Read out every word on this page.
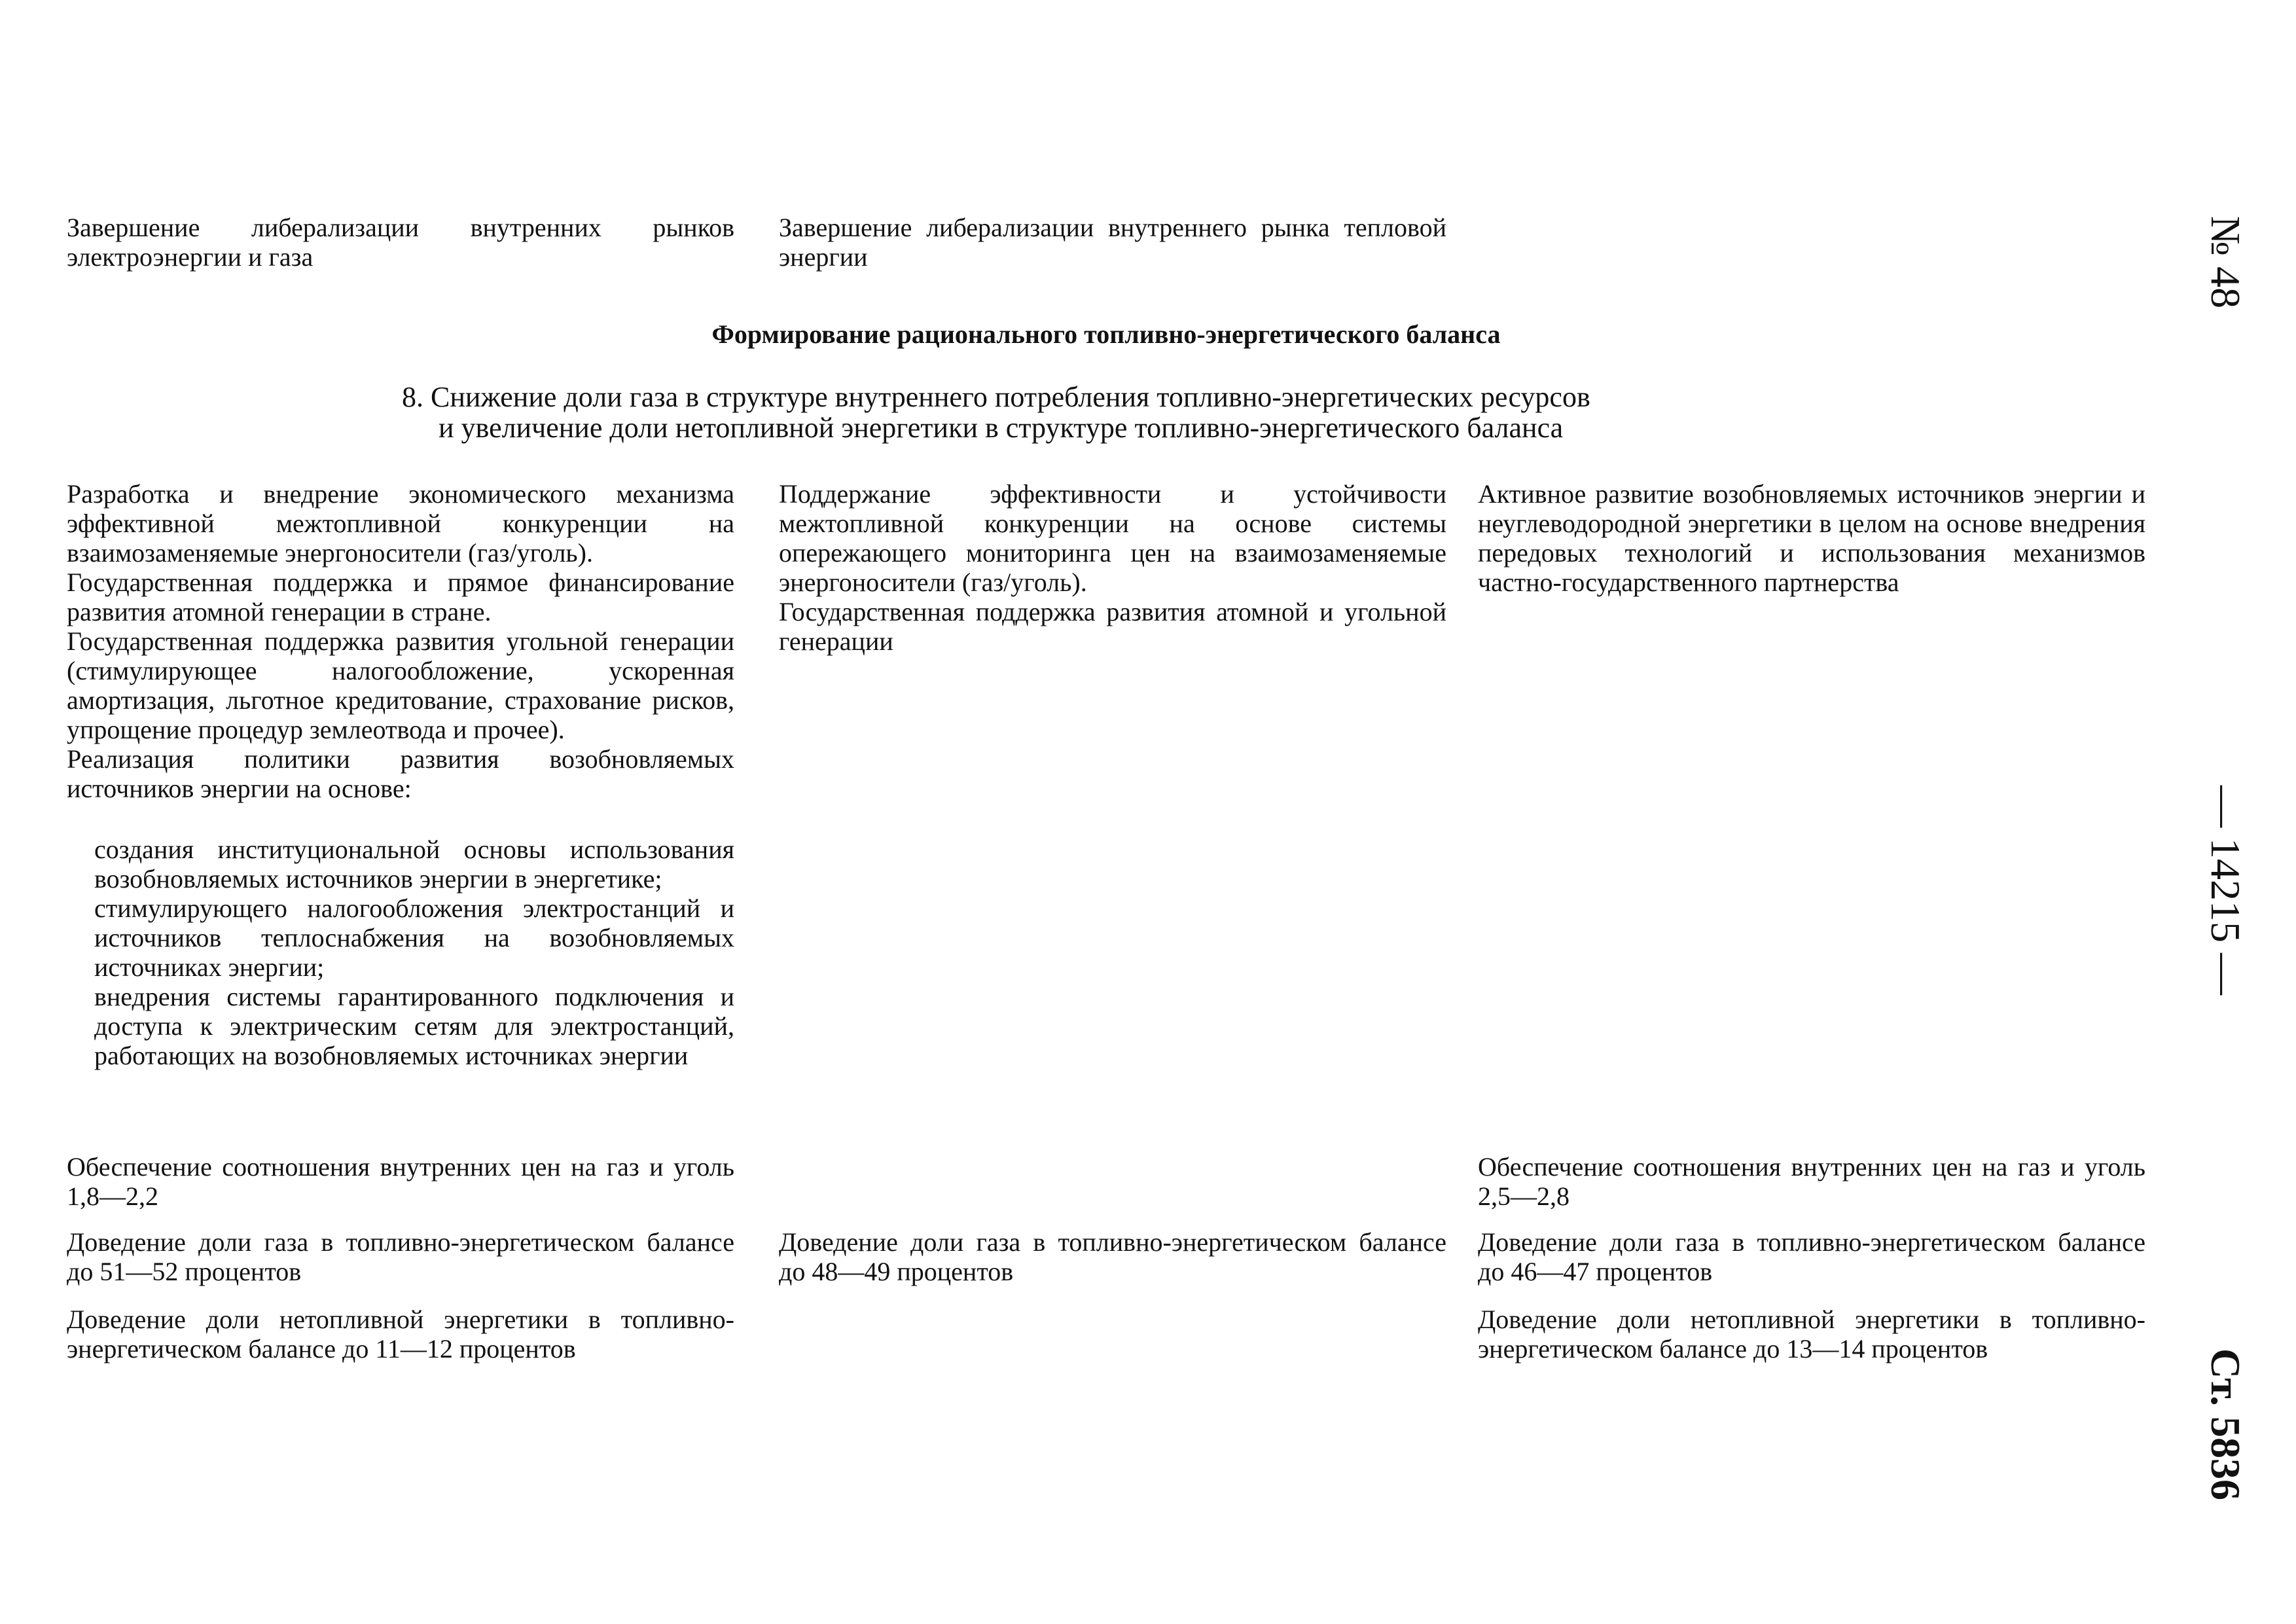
Завершение либерализации внутренних рынков электроэнергии и газа
Завершение либерализации внутреннего рынка тепловой энергии
Формирование рационального топливно-энергетического баланса
8. Снижение доли газа в структуре внутреннего потребления топливно-энергетических ресурсов
и увеличение доли нетопливной энергетики в структуре топливно-энергетического баланса
Разработка и внедрение экономического механизма эффективной межтопливной конкуренции на взаимозаменяемые энергоносители (газ/уголь).
Государственная поддержка и прямое финансирование развития атомной генерации в стране.
Государственная поддержка развития угольной генерации (стимулирующее налогообложение, ускоренная амортизация, льготное кредитование, страхование рисков, упрощение процедур землеотвода и прочее).
Реализация политики развития возобновляемых источников энергии на основе:
создания институциональной основы использования возобновляемых источников энергии в энергетике;
стимулирующего налогообложения электростанций и источников теплоснабжения на возобновляемых источниках энергии;
внедрения системы гарантированного подключения и доступа к электрическим сетям для электростанций, работающих на возобновляемых источниках энергии
Обеспечение соотношения внутренних цен на газ и уголь 1,8—2,2
Доведение доли газа в топливно-энергетическом балансе до 51—52 процентов
Доведение доли нетопливной энергетики в топливно-энергетическом балансе до 11—12 процентов
Поддержание эффективности и устойчивости межтопливной конкуренции на основе системы опережающего мониторинга цен на взаимозаменяемые энергоносители (газ/уголь).
Государственная поддержка развития атомной и угольной генерации
Доведение доли газа в топливно-энергетическом балансе до 48—49 процентов
Активное развитие возобновляемых источников энергии и неуглеводородной энергетики в целом на основе внедрения передовых технологий и использования механизмов частно-государственного партнерства
Обеспечение соотношения внутренних цен на газ и уголь 2,5—2,8
Доведение доли газа в топливно-энергетическом балансе до 46—47 процентов
Доведение доли нетопливной энергетики в топливно-энергетическом балансе до 13—14 процентов
№ 48
— 14215 —
Ст. 5836
